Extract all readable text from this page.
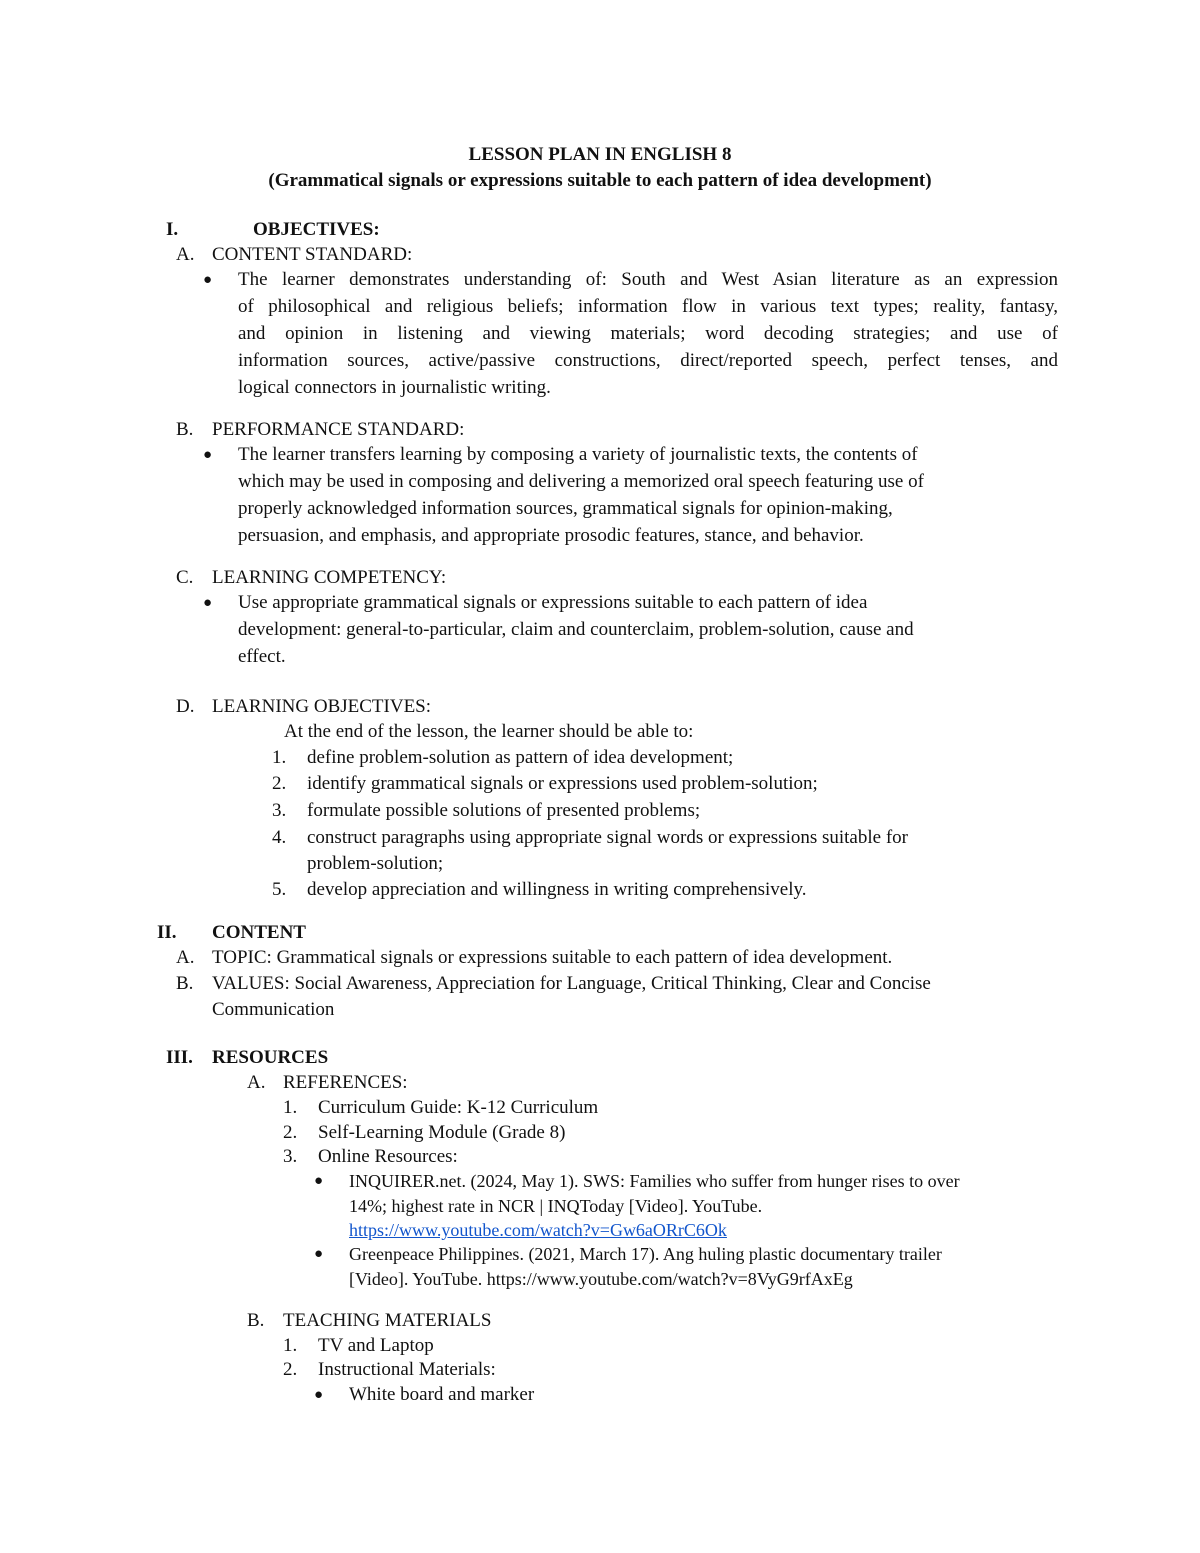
LESSON PLAN IN ENGLISH 8
(Grammatical signals or expressions suitable to each pattern of idea development)
I.	OBJECTIVES:
A. CONTENT STANDARD:
● The learner demonstrates understanding of: South and West Asian literature as an expression
of philosophical and religious beliefs; information flow in various text types; reality, fantasy,
and opinion in listening and viewing materials; word decoding strategies; and use of
information sources, active/passive constructions, direct/reported speech, perfect tenses, and
logical connectors in journalistic writing.
B. PERFORMANCE STANDARD:
● The learner transfers learning by composing a variety of journalistic texts, the contents of
which may be used in composing and delivering a memorized oral speech featuring use of
properly acknowledged information sources, grammatical signals for opinion-making,
persuasion, and emphasis, and appropriate prosodic features, stance, and behavior.
C. LEARNING COMPETENCY:
● Use appropriate grammatical signals or expressions suitable to each pattern of idea
development: general-to-particular, claim and counterclaim, problem-solution, cause and
effect.
D. LEARNING OBJECTIVES:
At the end of the lesson, the learner should be able to:
1. define problem-solution as pattern of idea development;
2. identify grammatical signals or expressions used problem-solution;
3. formulate possible solutions of presented problems;
4. construct paragraphs using appropriate signal words or expressions suitable for
problem-solution;
5. develop appreciation and willingness in writing comprehensively.
II. CONTENT
A. TOPIC: Grammatical signals or expressions suitable to each pattern of idea development.
B. VALUES: Social Awareness, Appreciation for Language, Critical Thinking, Clear and Concise
Communication
III. RESOURCES
A. REFERENCES:
1. Curriculum Guide: K-12 Curriculum
2. Self-Learning Module (Grade 8)
3. Online Resources:
● INQUIRER.net. (2024, May 1). SWS: Families who suffer from hunger rises to over
14%; highest rate in NCR | INQToday [Video]. YouTube.
https://www.youtube.com/watch?v=Gw6aORrC6Ok
● Greenpeace Philippines. (2021, March 17). Ang huling plastic documentary trailer
[Video]. YouTube. https://www.youtube.com/watch?v=8VyG9rfAxEg
B. TEACHING MATERIALS
1. TV and Laptop
2. Instructional Materials:
● White board and marker
